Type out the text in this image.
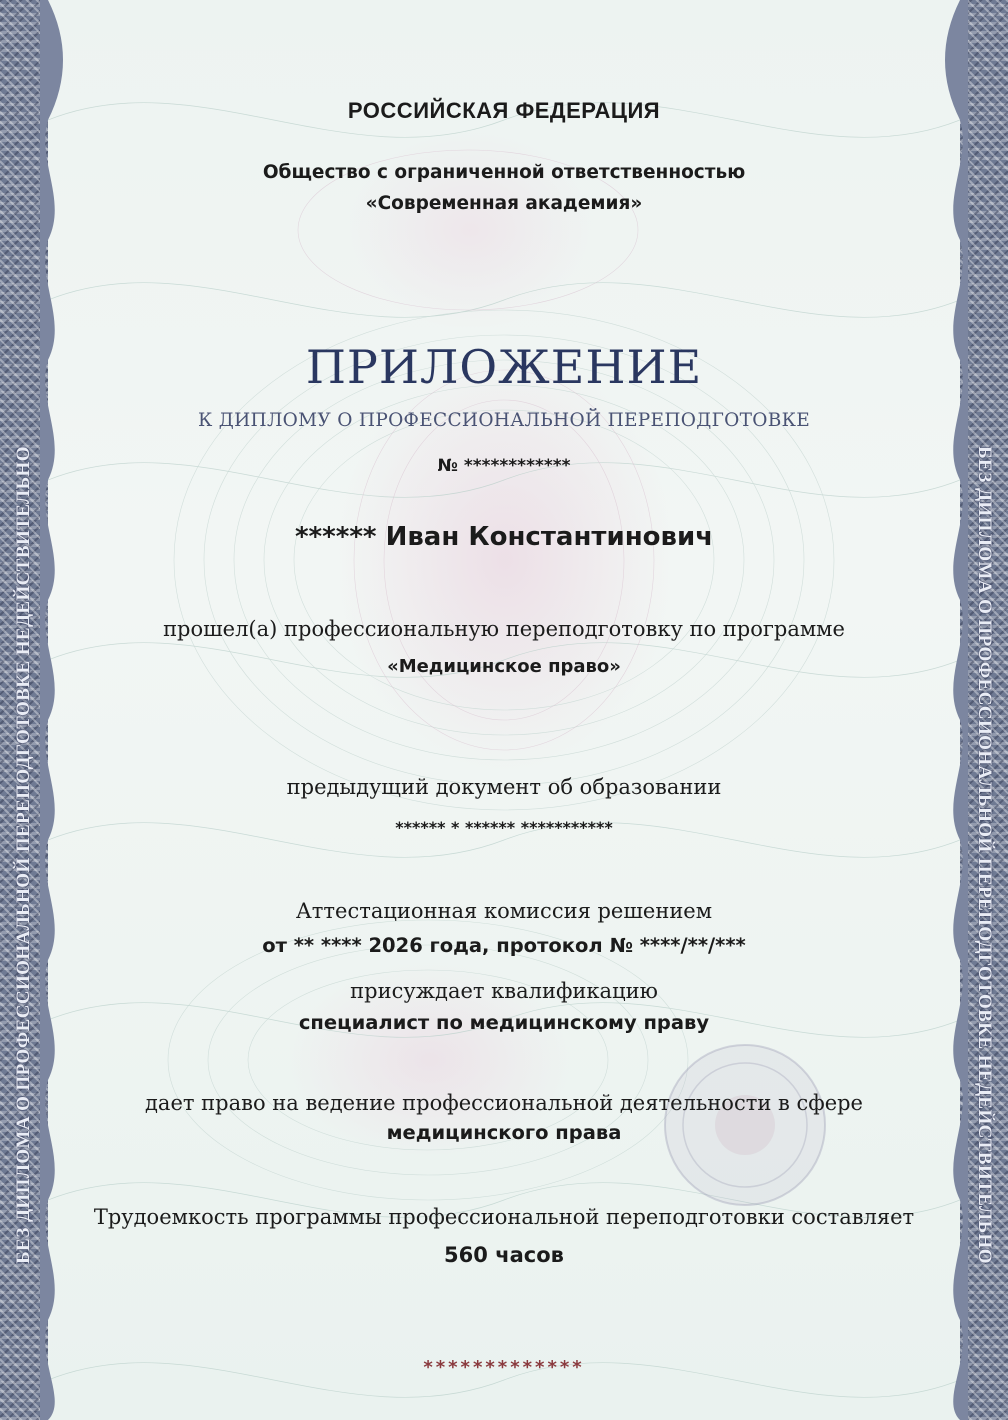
БЕЗ ДИПЛОМА О ПРОФЕССИОНАЛЬНОЙ ПЕРЕПОДГОТОВКЕ НЕДЕЙСТВИТЕЛЬНО	БЕЗ ДИПЛОМА О ПРОФЕССИОНАЛЬНОЙ ПЕРЕПОДГОТОВКЕ НЕДЕЙСТВИТЕЛЬНО
РОССИЙСКАЯ ФЕДЕРАЦИЯ
Общество с ограниченной ответственностью
«Современная академия»
ПРИЛОЖЕНИЕ
К ДИПЛОМУ О ПРОФЕССИОНАЛЬНОЙ ПЕРЕПОДГОТОВКЕ
№ ************
****** Иван Константинович
прошел(а) профессиональную переподготовку по программе
«Медицинское право»
предыдущий документ об образовании
****** * ****** ***********
Аттестационная комиссия решением
от ** **** 2026 года, протокол № ****/**/***
присуждает квалификацию
специалист по медицинскому праву
дает право на ведение профессиональной деятельности в сфере
медицинского права
Трудоемкость программы профессиональной переподготовки составляет
560 часов
*************
